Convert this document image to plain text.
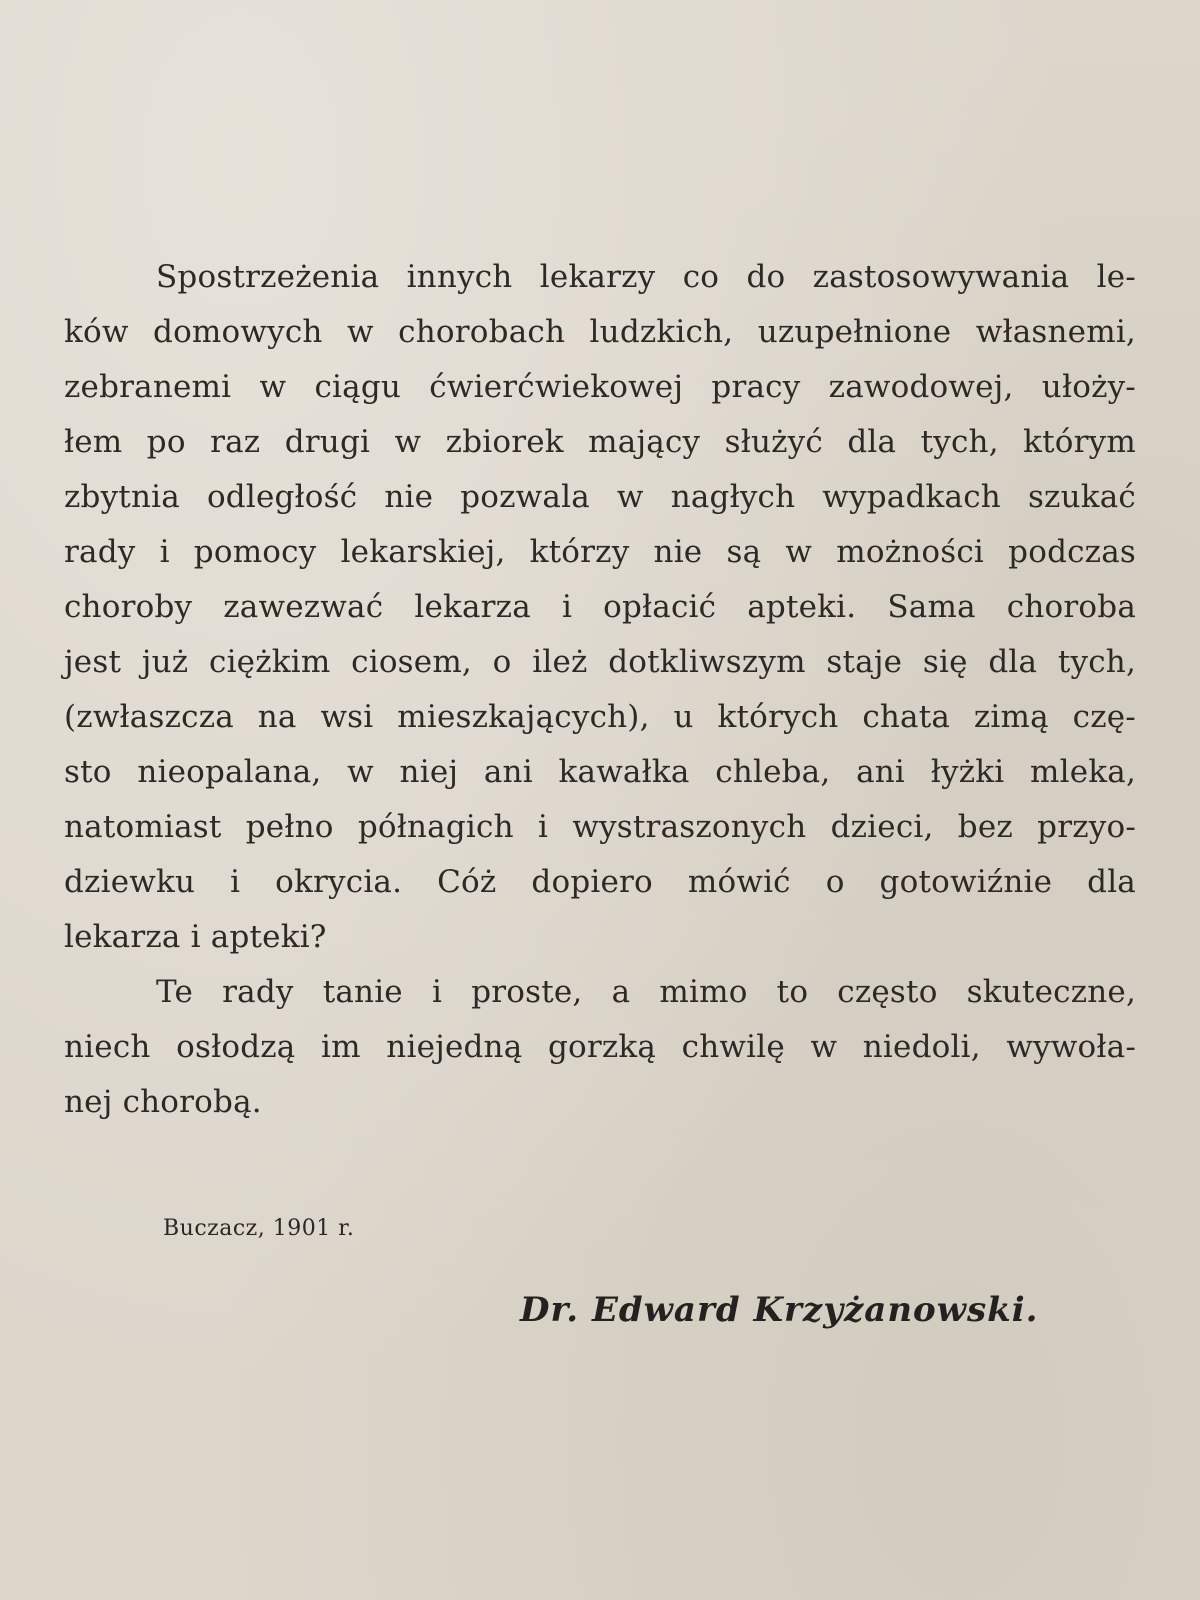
Spostrzeżenia innych lekarzy co do zastosowywania le-
ków domowych w chorobach ludzkich, uzupełnione własnemi,
zebranemi w ciągu ćwierćwiekowej pracy zawodowej, ułoży-
łem po raz drugi w zbiorek mający służyć dla tych, którym
zbytnia odległość nie pozwala w nagłych wypadkach szukać
rady i pomocy lekarskiej, którzy nie są w możności podczas
choroby zawezwać lekarza i opłacić apteki. Sama choroba
jest już ciężkim ciosem, o ileż dotkliwszym staje się dla tych,
(zwłaszcza na wsi mieszkających), u których chata zimą czę-
sto nieopalana, w niej ani kawałka chleba, ani łyżki mleka,
natomiast pełno półnagich i wystraszonych dzieci, bez przyo-
dziewku i okrycia. Cóż dopiero mówić o gotowiźnie dla
lekarza i apteki?
Te rady tanie i proste, a mimo to często skuteczne,
niech osłodzą im niejedną gorzką chwilę w niedoli, wywoła-
nej chorobą.
Buczacz, 1901 r.
Dr. Edward Krzyżanowski.
